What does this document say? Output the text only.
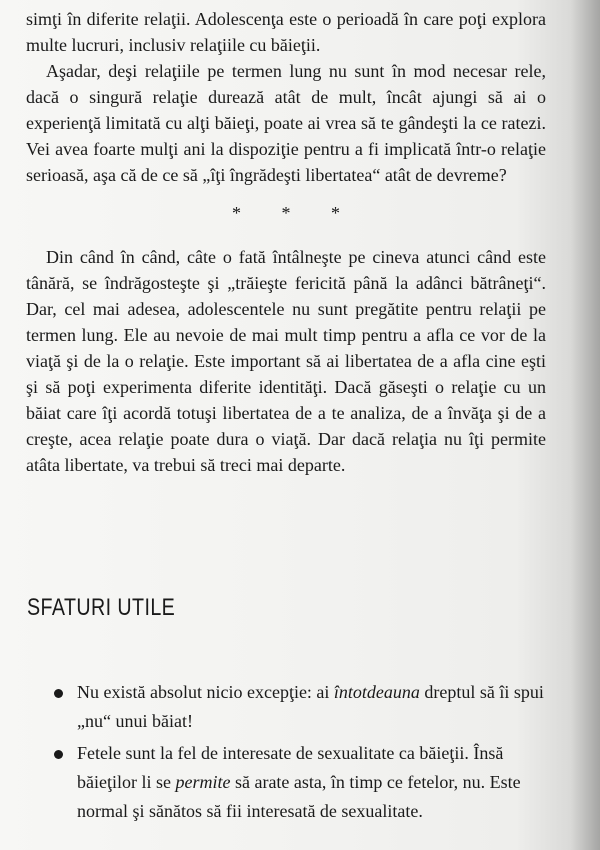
simţi în diferite relaţii. Adolescenţa este o perioadă în care poţi explora multe lucruri, inclusiv relaţiile cu băieţii.

Aşadar, deşi relaţiile pe termen lung nu sunt în mod necesar rele, dacă o singură relaţie durează atât de mult, încât ajungi să ai o experienţă limitată cu alţi băieţi, poate ai vrea să te gândeşti la ce ratezi. Vei avea foarte mulţi ani la dispoziţie pentru a fi implicată într-o relaţie serioasă, aşa că de ce să „îţi îngrădeşti libertatea“ atât de devreme?

* * *

Din când în când, câte o fată întâlneşte pe cineva atunci când este tânără, se îndrăgosteşte şi „trăieşte fericită până la adânci bătrâneţi“. Dar, cel mai adesea, adolescentele nu sunt pregătite pentru relaţii pe termen lung. Ele au nevoie de mai mult timp pentru a afla ce vor de la viaţă şi de la o relaţie. Este important să ai libertatea de a afla cine eşti şi să poţi experimenta diferite identităţi. Dacă găseşti o relaţie cu un băiat care îţi acordă totuşi libertatea de a te analiza, de a învăţa şi de a creşte, acea relaţie poate dura o viaţă. Dar dacă relaţia nu îţi permite atâta libertate, va trebui să treci mai departe.

SFATURI UTILE
Nu există absolut nicio excepţie: ai întotdeauna dreptul să îi spui „nu“ unui băiat!
Fetele sunt la fel de interesate de sexualitate ca băieţii. Însă băieţilor li se permite să arate asta, în timp ce fetelor, nu. Este normal şi sănătos să fii interesată de sexualitate.
